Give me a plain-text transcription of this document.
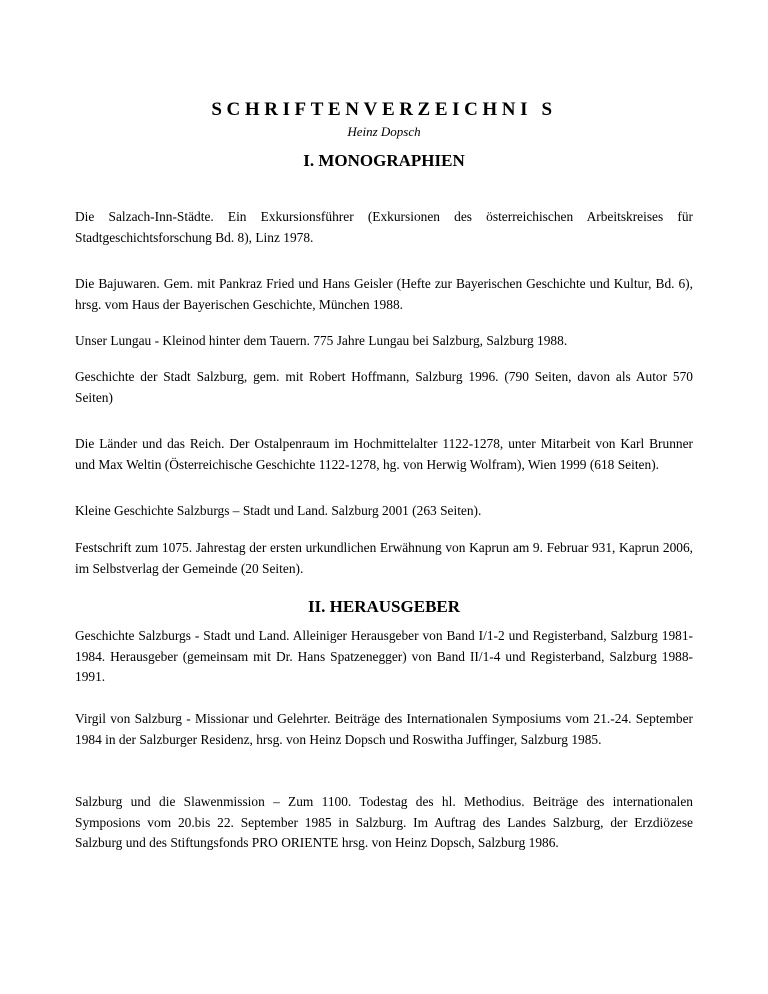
SCHRIFTENVERZEICHNI S
Heinz Dopsch
I. MONOGRAPHIEN

Die Salzach-Inn-Städte. Ein Exkursionsführer (Exkursionen des österreichischen Arbeitskreises für Stadtgeschichtsforschung Bd. 8), Linz 1978.

Die Bajuwaren. Gem. mit Pankraz Fried und Hans Geisler (Hefte zur Bayerischen Geschichte und Kultur, Bd. 6), hrsg. vom Haus der Bayerischen Geschichte, München 1988.

Unser Lungau - Kleinod hinter dem Tauern. 775 Jahre Lungau bei Salzburg, Salzburg 1988.

Geschichte der Stadt Salzburg, gem. mit Robert Hoffmann, Salzburg 1996. (790 Seiten, davon als Autor 570 Seiten)

Die Länder und das Reich. Der Ostalpenraum im Hochmittelalter 1122-1278, unter Mitarbeit von Karl Brunner und Max Weltin (Österreichische Geschichte 1122-1278, hg. von Herwig Wolfram), Wien 1999 (618 Seiten).

Kleine Geschichte Salzburgs – Stadt und Land. Salzburg 2001 (263 Seiten).

Festschrift zum 1075. Jahrestag der ersten urkundlichen Erwähnung von Kaprun am 9. Februar 931, Kaprun 2006, im Selbstverlag der Gemeinde (20 Seiten).

II. HERAUSGEBER

Geschichte Salzburgs - Stadt und Land. Alleiniger Herausgeber von Band I/1-2 und Registerband, Salzburg 1981-1984. Herausgeber (gemeinsam mit Dr. Hans Spatzenegger) von Band II/1-4 und Registerband, Salzburg 1988-1991.

Virgil von Salzburg - Missionar und Gelehrter. Beiträge des Internationalen Symposiums vom 21.-24. September 1984 in der Salzburger Residenz, hrsg. von Heinz Dopsch und Roswitha Juffinger, Salzburg 1985.

Salzburg und die Slawenmission – Zum 1100. Todestag des hl. Methodius. Beiträge des internationalen Symposions vom 20.bis 22. September 1985 in Salzburg. Im Auftrag des Landes Salzburg, der Erzdiözese Salzburg und des Stiftungsfonds PRO ORIENTE hrsg. von Heinz Dopsch, Salzburg 1986.
